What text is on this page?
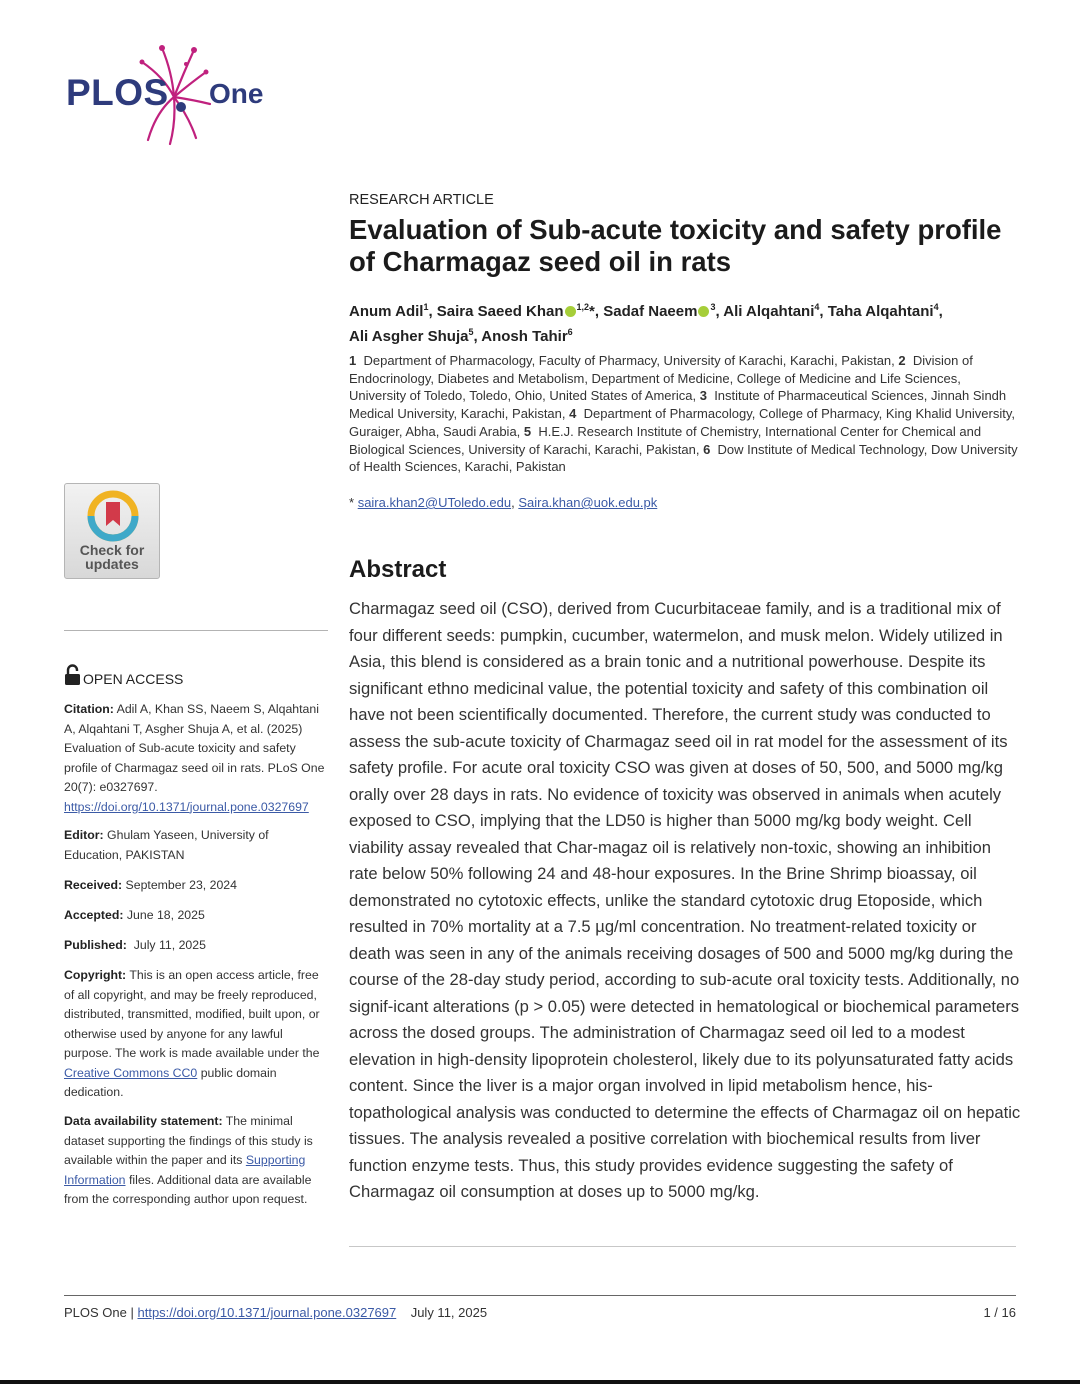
PLOS One
Check for
updates
OPEN ACCESS
Citation: Adil A, Khan SS, Naeem S, Alqahtani A, Alqahtani T, Asgher Shuja A, et al. (2025) Evaluation of Sub-acute toxicity and safety profile of Charmagaz seed oil in rats. PLoS One 20(7): e0327697. https://doi.org/10.1371/journal.pone.0327697
Editor: Ghulam Yaseen, University of Education, PAKISTAN
Received: September 23, 2024
Accepted: June 18, 2025
Published: July 11, 2025
Copyright: This is an open access article, free of all copyright, and may be freely reproduced, distributed, transmitted, modified, built upon, or otherwise used by anyone for any lawful purpose. The work is made available under the Creative Commons CC0 public domain dedication.
Data availability statement: The minimal dataset supporting the findings of this study is available within the paper and its Supporting Information files. Additional data are available from the corresponding author upon request.
RESEARCH ARTICLE
Evaluation of Sub-acute toxicity and safety profile of Charmagaz seed oil in rats
Anum Adil$^1$, Saira Saeed Khan $^{1,2}$*, Sadaf Naeem $^3$, Ali Alqahtani$^4$, Taha Alqahtani$^4$,
Ali Asgher Shuja$^5$, Anosh Tahir$^6$
1 Department of Pharmacology, Faculty of Pharmacy, University of Karachi, Karachi, Pakistan, 2 Division of Endocrinology, Diabetes and Metabolism, Department of Medicine, College of Medicine and Life Sciences, University of Toledo, Toledo, Ohio, United States of America, 3 Institute of Pharmaceutical Sciences, Jinnah Sindh Medical University, Karachi, Pakistan, 4 Department of Pharmacology, College of Pharmacy, King Khalid University, Guraiger, Abha, Saudi Arabia, 5 H.E.J. Research Institute of Chemistry, International Center for Chemical and Biological Sciences, University of Karachi, Karachi, Pakistan, 6 Dow Institute of Medical Technology, Dow University of Health Sciences, Karachi, Pakistan
* saira.khan2@UToledo.edu, Saira.khan@uok.edu.pk
Abstract
Charmagaz seed oil (CSO), derived from Cucurbitaceae family, and is a traditional mix of four different seeds: pumpkin, cucumber, watermelon, and musk melon. Widely utilized in Asia, this blend is considered as a brain tonic and a nutritional powerhouse. Despite its significant ethno medicinal value, the potential toxicity and safety of this combination oil have not been scientifically documented. Therefore, the current study was conducted to assess the sub-acute toxicity of Charmagaz seed oil in rat model for the assessment of its safety profile. For acute oral toxicity CSO was given at doses of 50, 500, and 5000 mg/kg orally over 28 days in rats. No evidence of toxicity was observed in animals when acutely exposed to CSO, implying that the LD50 is higher than 5000 mg/kg body weight. Cell viability assay revealed that Char-magaz oil is relatively non-toxic, showing an inhibition rate below 50% following 24 and 48-hour exposures. In the Brine Shrimp bioassay, oil demonstrated no cytotoxic effects, unlike the standard cytotoxic drug Etoposide, which resulted in 70% mortality at a 7.5 µg/ml concentration. No treatment-related toxicity or death was seen in any of the animals receiving dosages of 500 and 5000 mg/kg during the course of the 28-day study period, according to sub-acute oral toxicity tests. Additionally, no signif-icant alterations (p > 0.05) were detected in hematological or biochemical parameters across the dosed groups. The administration of Charmagaz seed oil led to a modest elevation in high-density lipoprotein cholesterol, likely due to its polyunsaturated fatty acids content. Since the liver is a major organ involved in lipid metabolism hence, his-topathological analysis was conducted to determine the effects of Charmagaz oil on hepatic tissues. The analysis revealed a positive correlation with biochemical results from liver function enzyme tests. Thus, this study provides evidence suggesting the safety of Charmagaz oil consumption at doses up to 5000 mg/kg.
PLOS One | https://doi.org/10.1371/journal.pone.0327697 July 11, 2025	1 / 16
